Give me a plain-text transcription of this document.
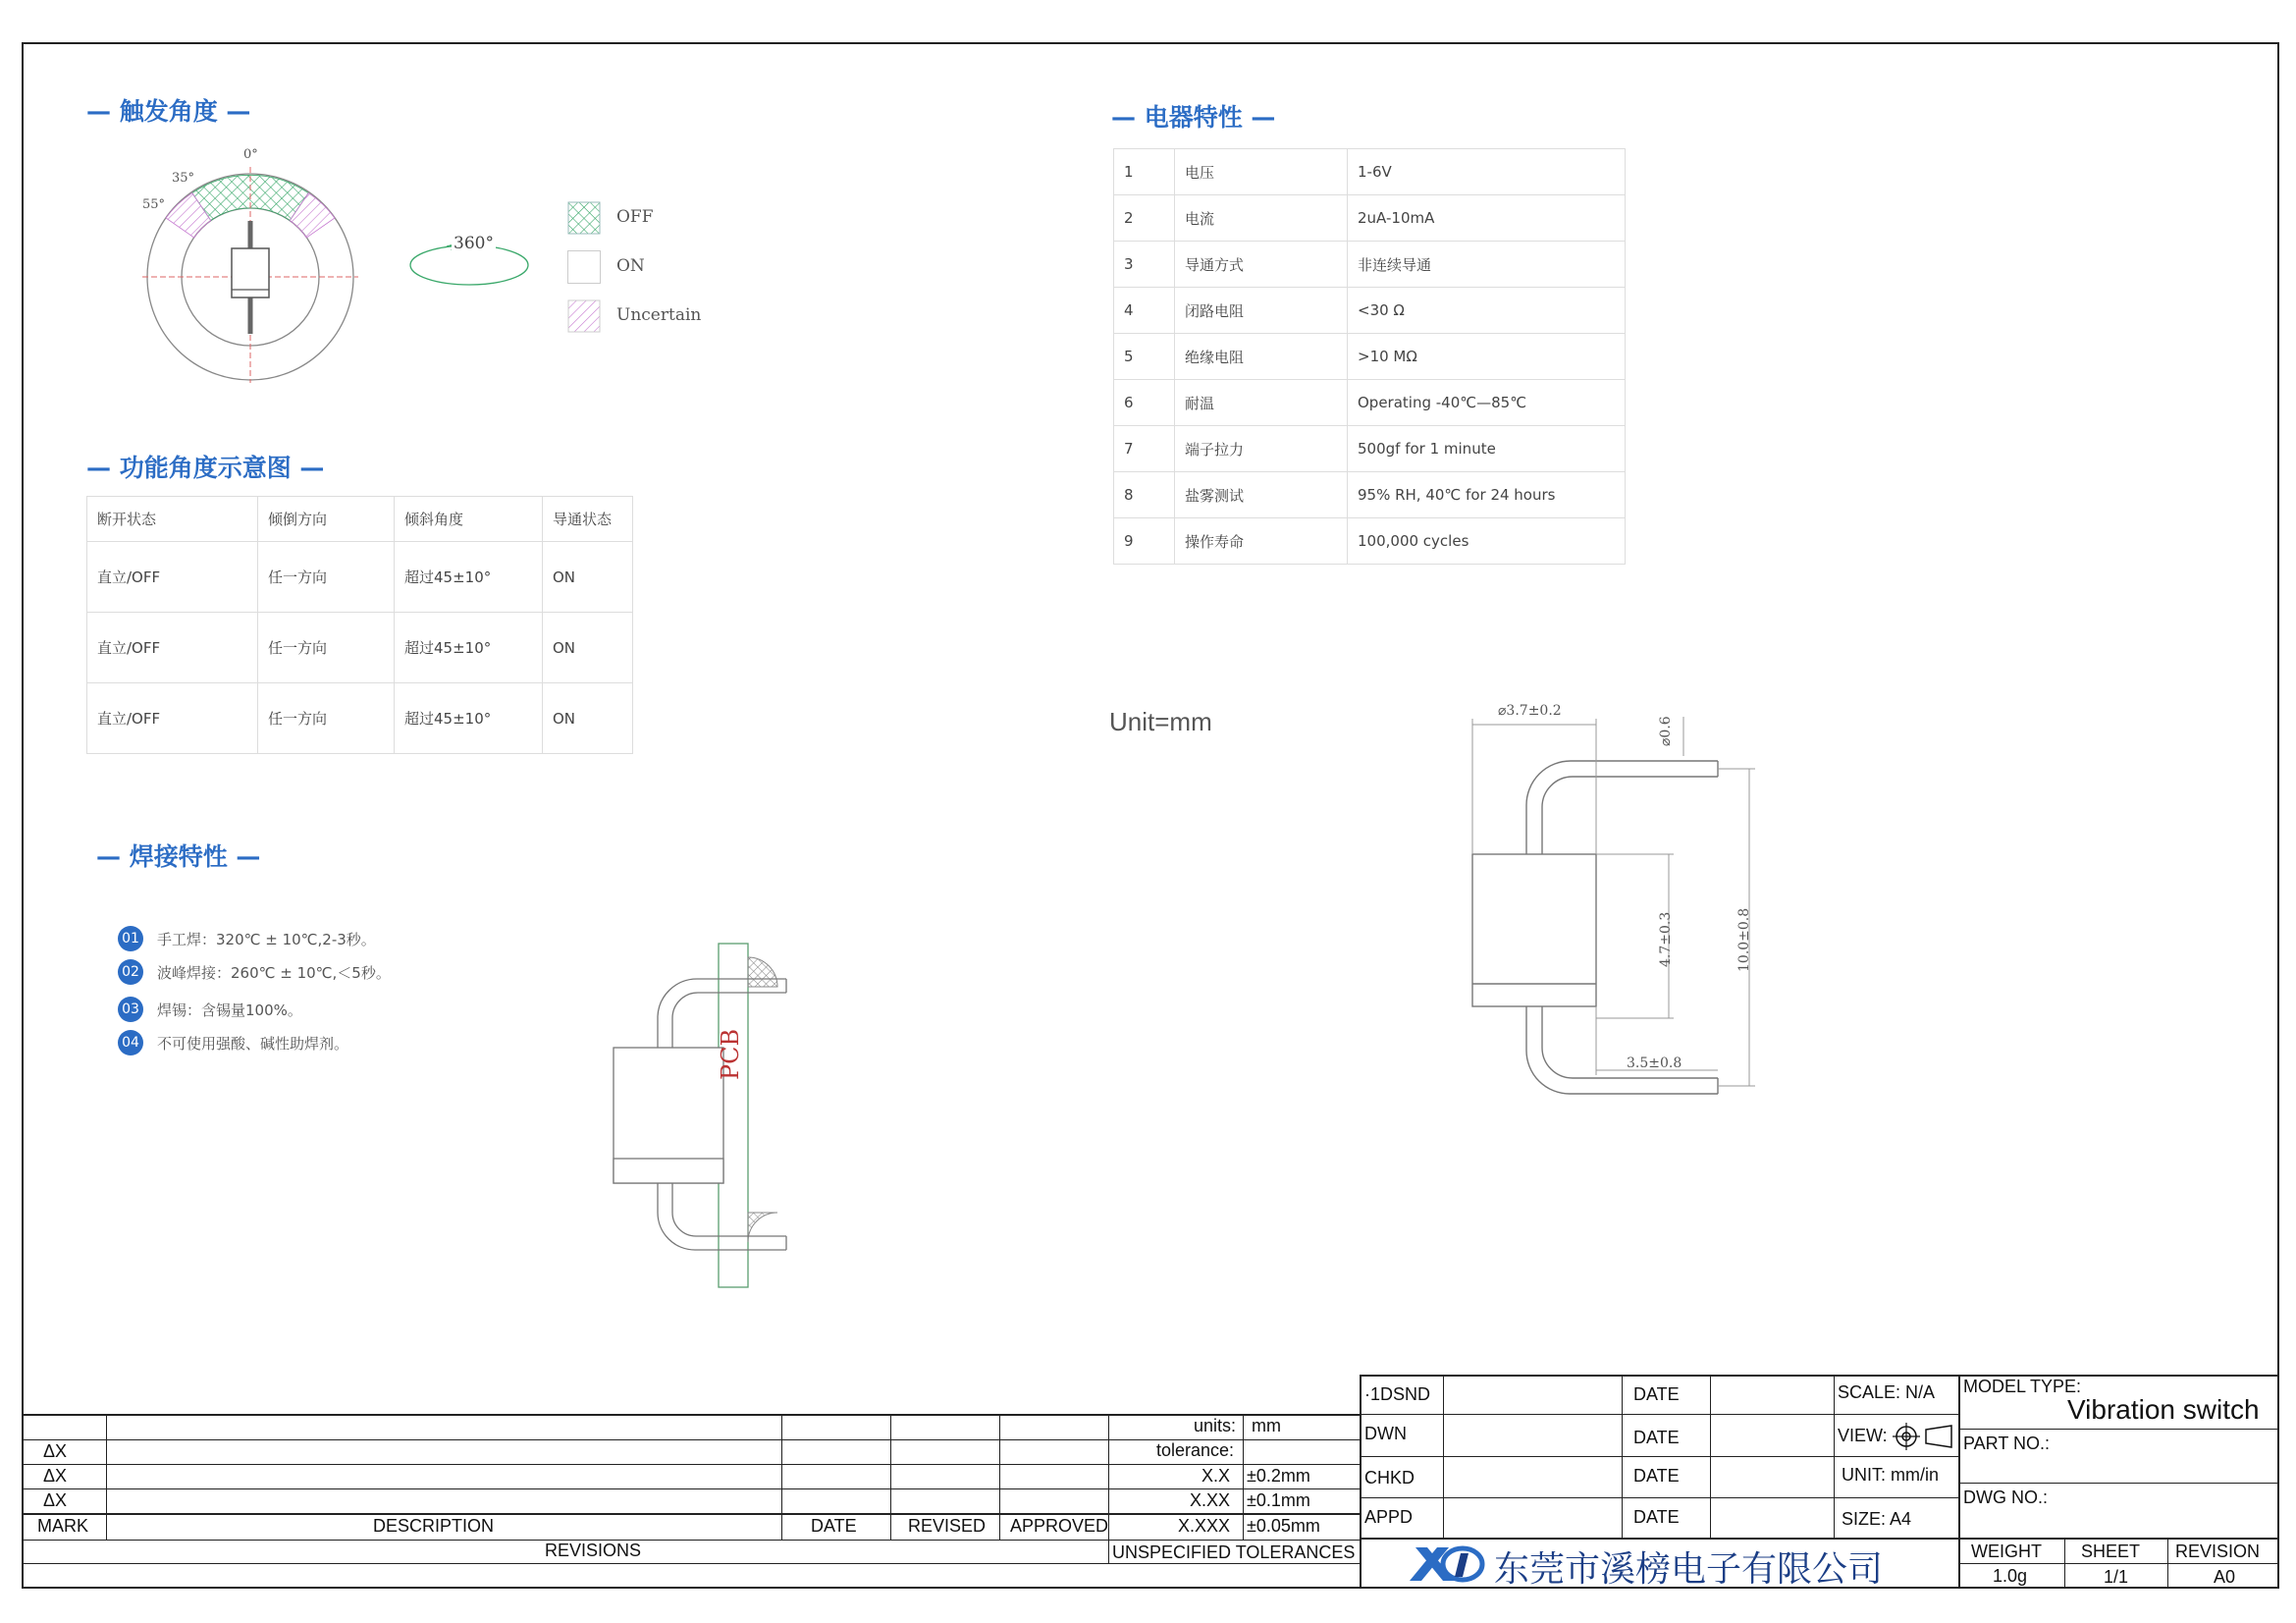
— 触发角度 —
0°
35°
55°
360°
OFF
ON
Uncertain
— 功能角度示意图 —
断开状态	倾倒方向	倾斜角度	导通状态
直立/OFF	任一方向	超过45±10°	ON
直立/OFF	任一方向	超过45±10°	ON
直立/OFF	任一方向	超过45±10°	ON
— 焊接特性 —
01 手工焊：320℃ ± 10℃,2-3秒。
02 波峰焊接：260℃ ± 10℃,＜5秒。
03 焊锡：含锡量100%。
04 不可使用强酸、碱性助焊剂。	PCB
— 电器特性 —
1	电压	1-6V
2	电流	2uA-10mA
3	导通方式	非连续导通
4	闭路电阻	<30 Ω
5	绝缘电阻	>10 MΩ
6	耐温	Operating -40℃—85℃
7	端子拉力	500gf for 1 minute
8	盐雾测试	95% RH, 40℃ for 24 hours
9	操作寿命	100,000 cycles
Unit=mm	⌀3.7±0.2
⌀0.6
4.7±0.3	10.0±0.8
3.5±0.8
ΔX
ΔX
ΔX
MARK	DESCRIPTION	DATE	REVISED APPROVED
REVISIONS
units: mm
tolerance:
X.X ±0.2mm
X.XX ±0.1mm
X.XXX ±0.05mm
UNSPECIFIED TOLERANCES
·1DSND	DATE
DWN	DATE
CHKD	DATE
APPD	DATE
SCALE: N/A
VIEW:
UNIT: mm/in
SIZE: A4
MODEL TYPE:
Vibration switch
PART NO.:
DWG NO.:
东莞市溪榜电子有限公司	WEIGHT
1.0g
SHEET
1/1
REVISION
A0
